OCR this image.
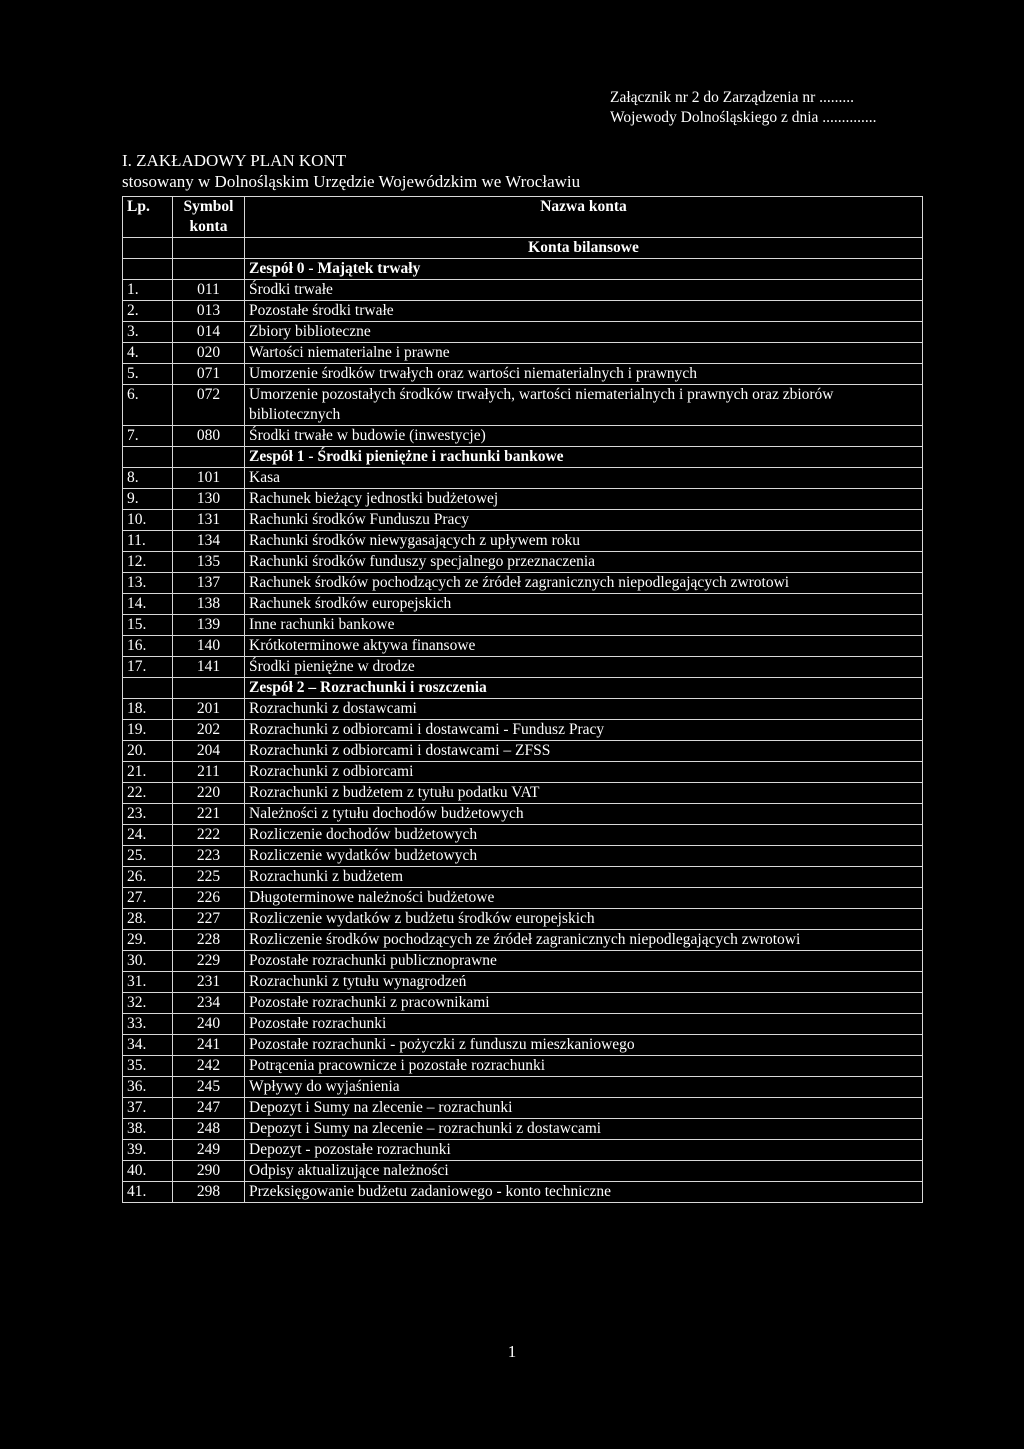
Załącznik nr 2 do Zarządzenia nr .........
Wojewody Dolnośląskiego z dnia ..............
I. ZAKŁADOWY PLAN KONT
stosowany w Dolnośląskim Urzędzie Wojewódzkim we Wrocławiu
Lp.	Symbol konta	Nazwa konta
		Konta bilansowe
		Zespół 0 - Majątek trwały
1.	011	Środki trwałe
2.	013	Pozostałe środki trwałe
3.	014	Zbiory biblioteczne
4.	020	Wartości niematerialne i prawne
5.	071	Umorzenie środków trwałych oraz wartości niematerialnych i prawnych
6.	072	Umorzenie pozostałych środków trwałych, wartości niematerialnych i prawnych oraz zbiorów bibliotecznych
7.	080	Środki trwałe w budowie (inwestycje)
		Zespół 1 - Środki pieniężne i rachunki bankowe
8.	101	Kasa
9.	130	Rachunek bieżący jednostki budżetowej
10.	131	Rachunki środków Funduszu Pracy
11.	134	Rachunki środków niewygasających z upływem roku
12.	135	Rachunki środków funduszy specjalnego przeznaczenia
13.	137	Rachunek środków pochodzących ze źródeł zagranicznych niepodlegających zwrotowi
14.	138	Rachunek środków europejskich
15.	139	Inne rachunki bankowe
16.	140	Krótkoterminowe aktywa finansowe
17.	141	Środki pieniężne w drodze
		Zespół 2 – Rozrachunki i roszczenia
18.	201	Rozrachunki z dostawcami
19.	202	Rozrachunki z odbiorcami i dostawcami - Fundusz Pracy
20.	204	Rozrachunki z odbiorcami i dostawcami – ZFSS
21.	211	Rozrachunki z odbiorcami
22.	220	Rozrachunki z budżetem z tytułu podatku VAT
23.	221	Należności z tytułu dochodów budżetowych
24.	222	Rozliczenie dochodów budżetowych
25.	223	Rozliczenie wydatków budżetowych
26.	225	Rozrachunki z budżetem
27.	226	Długoterminowe należności budżetowe
28.	227	Rozliczenie wydatków z budżetu środków europejskich
29.	228	Rozliczenie środków pochodzących ze źródeł zagranicznych niepodlegających zwrotowi
30.	229	Pozostałe rozrachunki publicznoprawne
31.	231	Rozrachunki z tytułu wynagrodzeń
32.	234	Pozostałe rozrachunki z pracownikami
33.	240	Pozostałe rozrachunki
34.	241	Pozostałe rozrachunki - pożyczki z funduszu mieszkaniowego
35.	242	Potrącenia pracownicze i pozostałe rozrachunki
36.	245	Wpływy do wyjaśnienia
37.	247	Depozyt i Sumy na zlecenie – rozrachunki
38.	248	Depozyt i Sumy na zlecenie – rozrachunki z dostawcami
39.	249	Depozyt - pozostałe rozrachunki
40.	290	Odpisy aktualizujące należności
41.	298	Przeksięgowanie budżetu zadaniowego - konto techniczne
1
